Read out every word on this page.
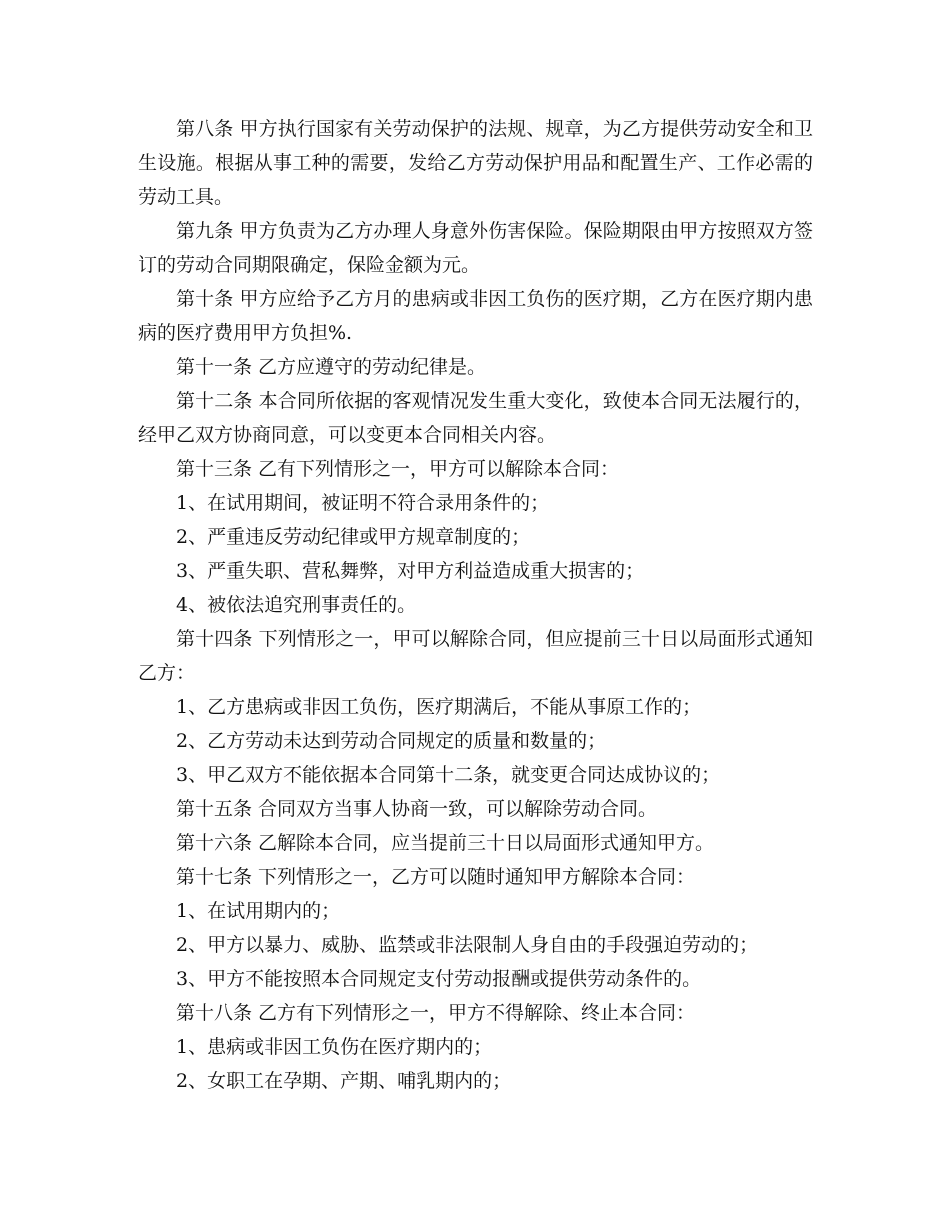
第八条 甲方执行国家有关劳动保护的法规、规章，为乙方提供劳动安全和卫生设施。根据从事工种的需要，发给乙方劳动保护用品和配置生产、工作必需的劳动工具。

第九条 甲方负责为乙方办理人身意外伤害保险。保险期限由甲方按照双方签订的劳动合同期限确定，保险金额为元。

第十条 甲方应给予乙方月的患病或非因工负伤的医疗期，乙方在医疗期内患病的医疗费用甲方负担%.

第十一条 乙方应遵守的劳动纪律是。

第十二条 本合同所依据的客观情况发生重大变化，致使本合同无法履行的，经甲乙双方协商同意，可以变更本合同相关内容。

第十三条 乙有下列情形之一，甲方可以解除本合同：

1、在试用期间，被证明不符合录用条件的；

2、严重违反劳动纪律或甲方规章制度的；

3、严重失职、营私舞弊，对甲方利益造成重大损害的；

4、被依法追究刑事责任的。

第十四条 下列情形之一，甲可以解除合同，但应提前三十日以局面形式通知乙方：

1、乙方患病或非因工负伤，医疗期满后，不能从事原工作的；

2、乙方劳动未达到劳动合同规定的质量和数量的；

3、甲乙双方不能依据本合同第十二条，就变更合同达成协议的；

第十五条 合同双方当事人协商一致，可以解除劳动合同。

第十六条 乙解除本合同，应当提前三十日以局面形式通知甲方。

第十七条 下列情形之一，乙方可以随时通知甲方解除本合同：

1、在试用期内的；

2、甲方以暴力、威胁、监禁或非法限制人身自由的手段强迫劳动的；

3、甲方不能按照本合同规定支付劳动报酬或提供劳动条件的。

第十八条 乙方有下列情形之一，甲方不得解除、终止本合同：

1、患病或非因工负伤在医疗期内的；

2、女职工在孕期、产期、哺乳期内的；
